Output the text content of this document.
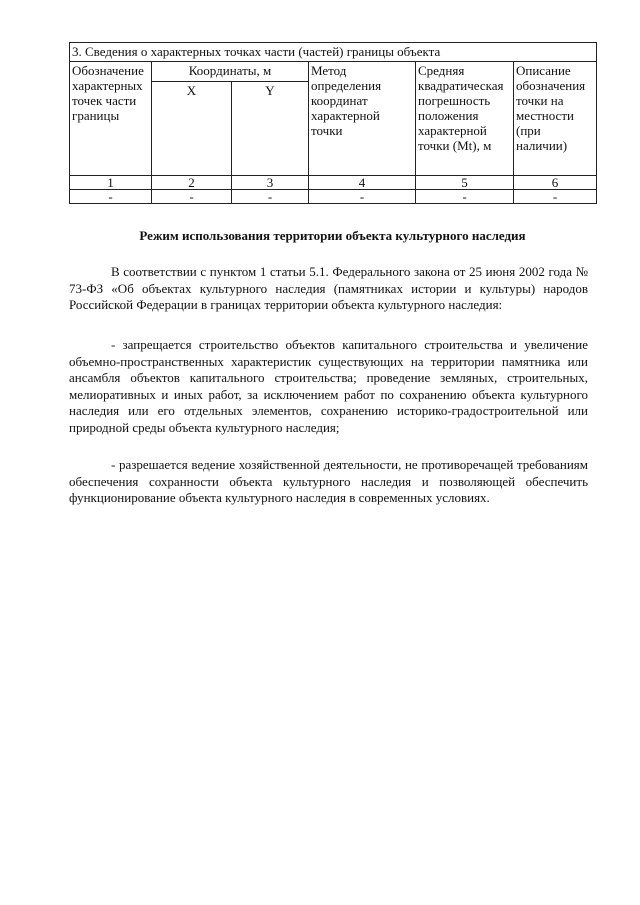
3. Сведения о характерных точках части (частей) границы объекта					
Обозначение характерных точек части границы	Координаты, м		Метод определения координат характерной точки	Средняя квадратическая погрешность положения характерной точки (Mt), м	Описание обозначения точки на местности (при наличии)
	X	Y			
1	2	3	4	5	6
-	-	-	-	-	-
Режим использования территории объекта культурного наследия
В соответствии с пунктом 1 статьи 5.1. Федерального закона от 25 июня 2002 года № 73-ФЗ «Об объектах культурного наследия (памятниках истории и культуры) народов Российской Федерации в границах территории объекта культурного наследия:
- запрещается строительство объектов капитального строительства и увеличение объемно-пространственных характеристик существующих на территории памятника или ансамбля объектов капитального строительства; проведение земляных, строительных, мелиоративных и иных работ, за исключением работ по сохранению объекта культурного наследия или его отдельных элементов, сохранению историко-градостроительной или природной среды объекта культурного наследия;
- разрешается ведение хозяйственной деятельности, не противоречащей требованиям обеспечения сохранности объекта культурного наследия и позволяющей обеспечить функционирование объекта культурного наследия в современных условиях.
